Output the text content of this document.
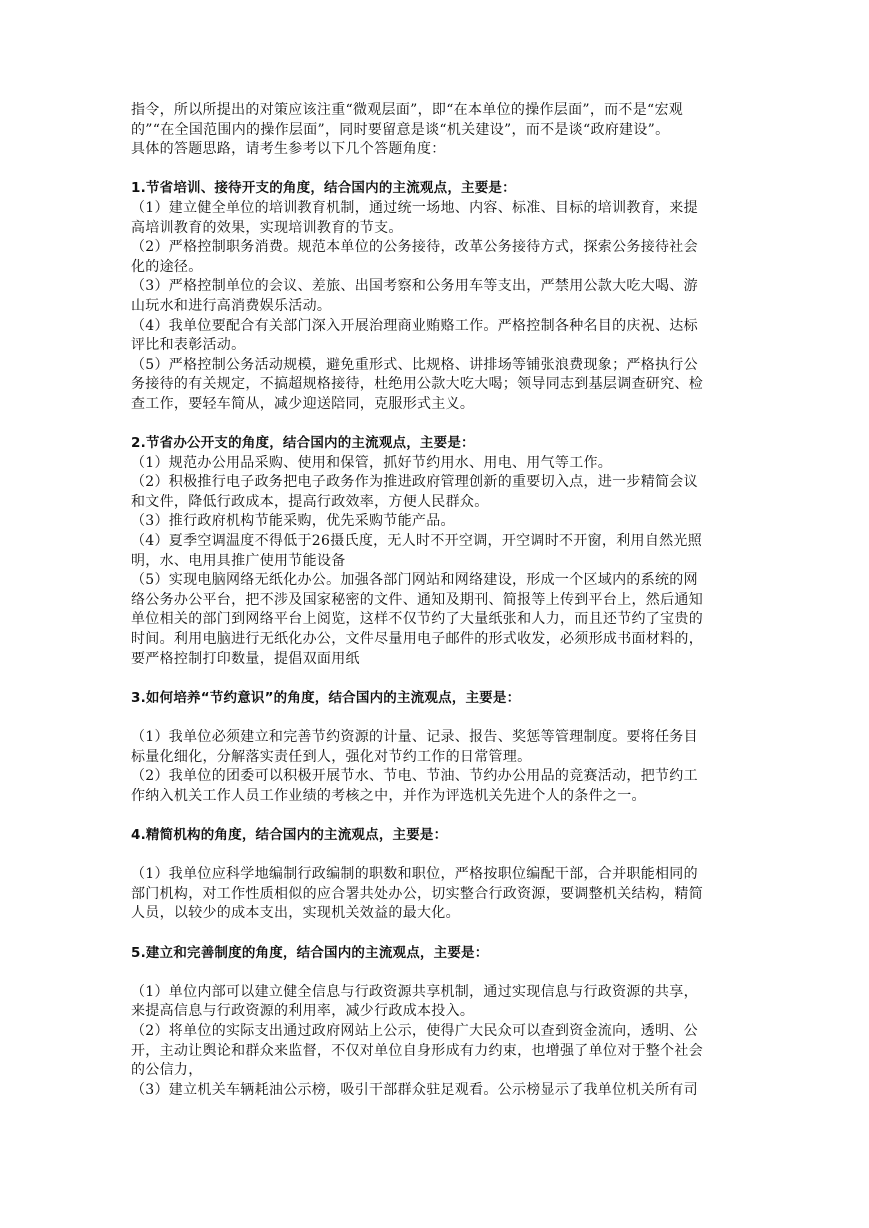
指令，所以所提出的对策应该注重“微观层面”，即“在本单位的操作层面”，而不是“宏观
的”“在全国范围内的操作层面”，同时要留意是谈“机关建设”，而不是谈“政府建设”。
具体的答题思路，请考生参考以下几个答题角度：
1.节省培训、接待开支的角度，结合国内的主流观点，主要是：
（1）建立健全单位的培训教育机制，通过统一场地、内容、标准、目标的培训教育，来提
高培训教育的效果，实现培训教育的节支。
（2）严格控制职务消费。规范本单位的公务接待，改革公务接待方式，探索公务接待社会
化的途径。
（3）严格控制单位的会议、差旅、出国考察和公务用车等支出，严禁用公款大吃大喝、游
山玩水和进行高消费娱乐活动。
（4）我单位要配合有关部门深入开展治理商业贿赂工作。严格控制各种名目的庆祝、达标
评比和表彰活动。
（5）严格控制公务活动规模，避免重形式、比规格、讲排场等铺张浪费现象；严格执行公
务接待的有关规定，不搞超规格接待，杜绝用公款大吃大喝；领导同志到基层调查研究、检
查工作，要轻车简从，减少迎送陪同，克服形式主义。
2.节省办公开支的角度，结合国内的主流观点，主要是：
（1）规范办公用品采购、使用和保管，抓好节约用水、用电、用气等工作。
（2）积极推行电子政务把电子政务作为推进政府管理创新的重要切入点，进一步精简会议
和文件，降低行政成本，提高行政效率，方便人民群众。
（3）推行政府机构节能采购，优先采购节能产品。
（4）夏季空调温度不得低于26摄氏度，无人时不开空调，开空调时不开窗，利用自然光照
明，水、电用具推广使用节能设备
（5）实现电脑网络无纸化办公。加强各部门网站和网络建设，形成一个区域内的系统的网
络公务办公平台，把不涉及国家秘密的文件、通知及期刊、简报等上传到平台上，然后通知
单位相关的部门到网络平台上阅览，这样不仅节约了大量纸张和人力，而且还节约了宝贵的
时间。利用电脑进行无纸化办公，文件尽量用电子邮件的形式收发，必须形成书面材料的，
要严格控制打印数量，提倡双面用纸
3.如何培养“节约意识”的角度，结合国内的主流观点，主要是：
（1）我单位必须建立和完善节约资源的计量、记录、报告、奖惩等管理制度。要将任务目
标量化细化，分解落实责任到人，强化对节约工作的日常管理。
（2）我单位的团委可以积极开展节水、节电、节油、节约办公用品的竞赛活动，把节约工
作纳入机关工作人员工作业绩的考核之中，并作为评选机关先进个人的条件之一。
4.精简机构的角度，结合国内的主流观点，主要是：
（1）我单位应科学地编制行政编制的职数和职位，严格按职位编配干部，合并职能相同的
部门机构，对工作性质相似的应合署共处办公，切实整合行政资源，要调整机关结构，精简
人员，以较少的成本支出，实现机关效益的最大化。
5.建立和完善制度的角度，结合国内的主流观点，主要是：
（1）单位内部可以建立健全信息与行政资源共享机制，通过实现信息与行政资源的共享，
来提高信息与行政资源的利用率，减少行政成本投入。
（2）将单位的实际支出通过政府网站上公示，使得广大民众可以查到资金流向，透明、公
开，主动让舆论和群众来监督，不仅对单位自身形成有力约束，也增强了单位对于整个社会
的公信力，
（3）建立机关车辆耗油公示榜，吸引干部群众驻足观看。公示榜显示了我单位机关所有司
